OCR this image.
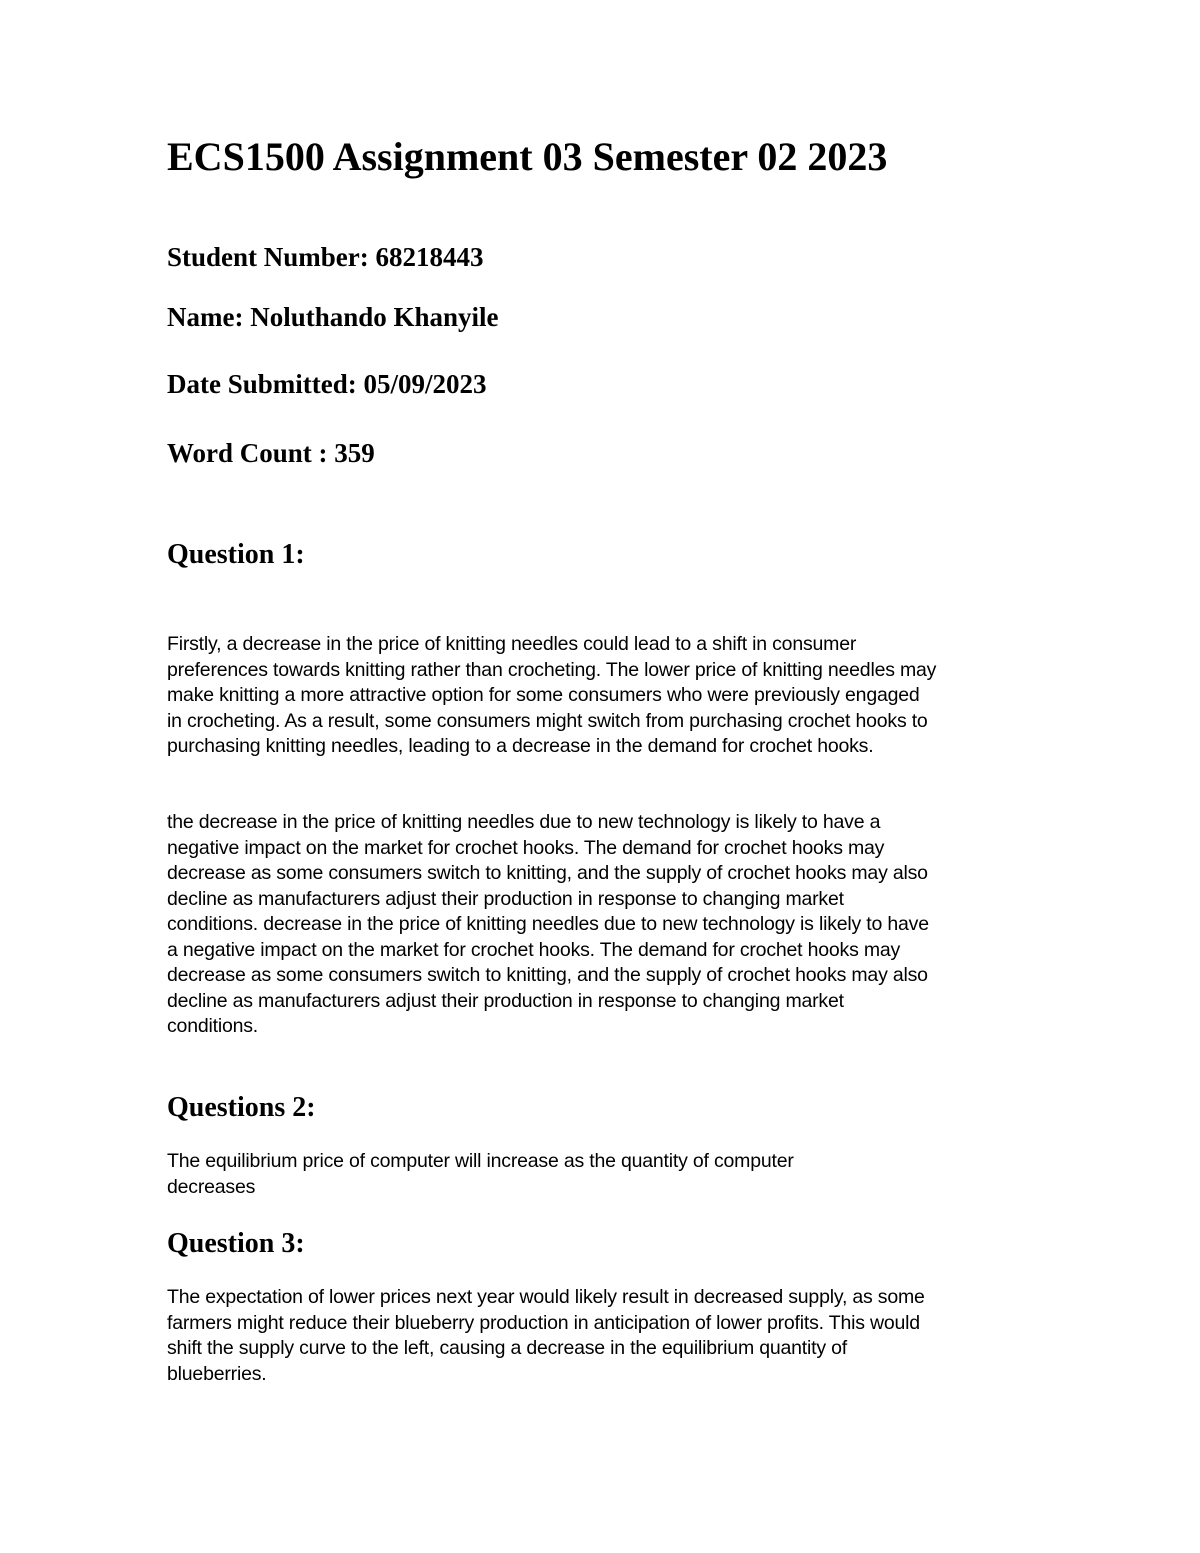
ECS1500 Assignment 03 Semester 02 2023
Student Number: 68218443
Name: Noluthando Khanyile
Date Submitted: 05/09/2023
Word Count : 359
Question 1:

Firstly, a decrease in the price of knitting needles could lead to a shift in consumer preferences towards knitting rather than crocheting. The lower price of knitting needles may make knitting a more attractive option for some consumers who were previously engaged in crocheting. As a result, some consumers might switch from purchasing crochet hooks to purchasing knitting needles, leading to a decrease in the demand for crochet hooks.

the decrease in the price of knitting needles due to new technology is likely to have a negative impact on the market for crochet hooks. The demand for crochet hooks may decrease as some consumers switch to knitting, and the supply of crochet hooks may also decline as manufacturers adjust their production in response to changing market conditions. decrease in the price of knitting needles due to new technology is likely to have a negative impact on the market for crochet hooks. The demand for crochet hooks may decrease as some consumers switch to knitting, and the supply of crochet hooks may also decline as manufacturers adjust their production in response to changing market conditions.

Questions 2:

The equilibrium price of computer will increase as the quantity of computer decreases

Question 3:

The expectation of lower prices next year would likely result in decreased supply, as some farmers might reduce their blueberry production in anticipation of lower profits. This would shift the supply curve to the left, causing a decrease in the equilibrium quantity of blueberries.
